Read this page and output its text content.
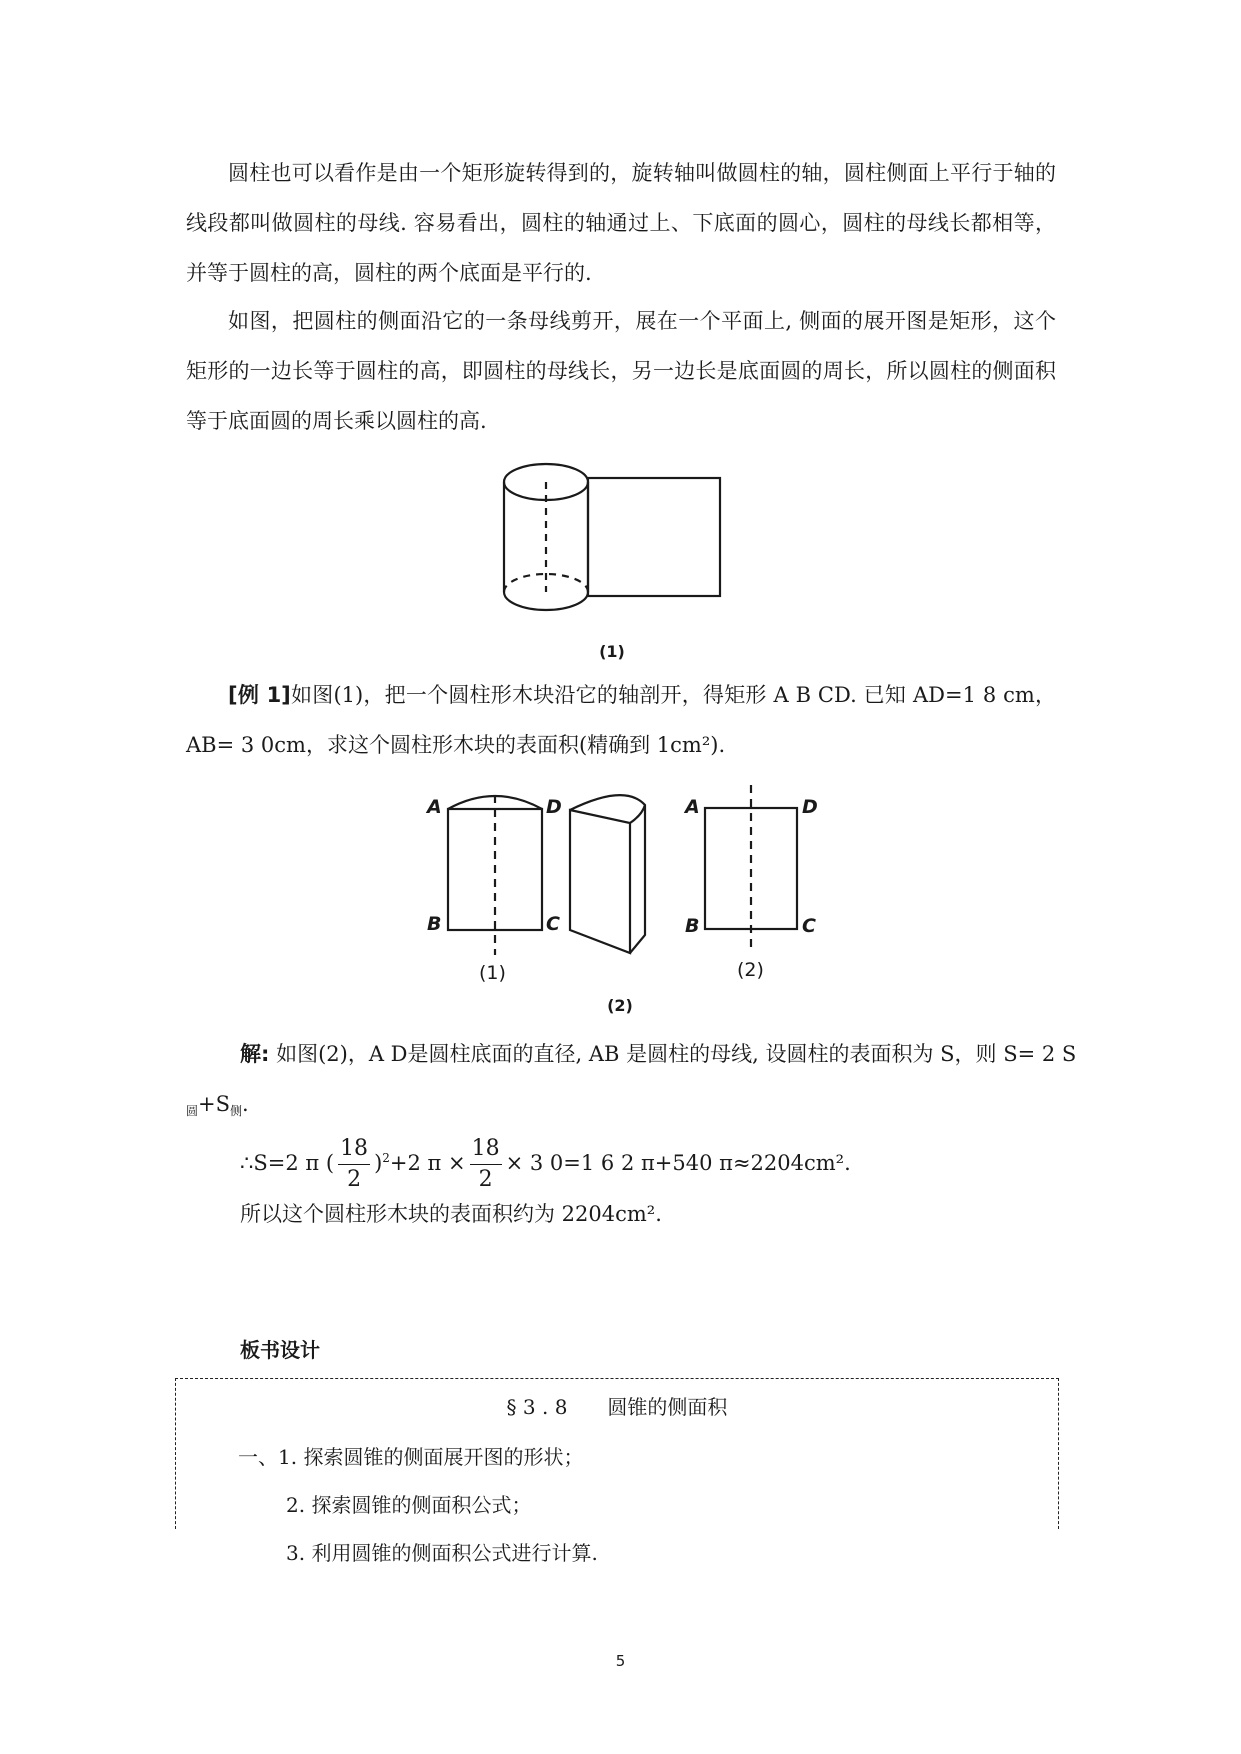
圆柱也可以看作是由一个矩形旋转得到的，旋转轴叫做圆柱的轴，圆柱侧面上平行于轴的线段都叫做圆柱的母线. 容易看出，圆柱的轴通过上、下底面的圆心，圆柱的母线长都相等，并等于圆柱的高，圆柱的两个底面是平行的.

如图，把圆柱的侧面沿它的一条母线剪开，展在一个平面上, 侧面的展开图是矩形，这个矩形的一边长等于圆柱的高，即圆柱的母线长，另一边长是底面圆的周长，所以圆柱的侧面积等于底面圆的周长乘以圆柱的高.

(1)

[例 1]如图(1)，把一个圆柱形木块沿它的轴剖开，得矩形 A B CD. 已知 AD=1 8 cm，AB= 3 0cm，求这个圆柱形木块的表面积(精确到 1cm²).

A	D
B	C
A	D
B	C
(1)	(2)
(2)
解: 如图(2)，A D是圆柱底面的直径, AB 是圆柱的母线, 设圆柱的表面积为 S，则 S= 2 S
$_圆+S_侧$.
∴S=2 π ( $\frac{18}{2} )^2+2$ $\pi \times \frac{18}{2} \times 3$ 0=1 6 2 π+540 π≈2204cm².
所以这个圆柱形木块的表面积约为 2204cm².
板书设计
§ 3 . 8　　圆锥的侧面积
一、1. 探索圆锥的侧面展开图的形状；
2. 探索圆锥的侧面积公式；
3. 利用圆锥的侧面积公式进行计算.
5
